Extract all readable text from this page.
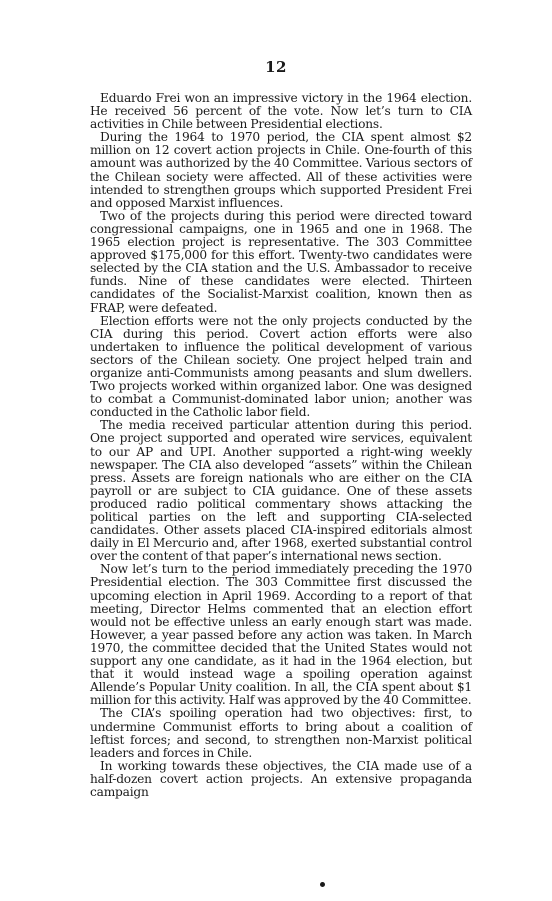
12

Eduardo Frei won an impressive victory in the 1964 election. He received 56 percent of the vote. Now let’s turn to CIA activities in Chile between Presidential elections.

During the 1964 to 1970 period, the CIA spent almost $2 million on 12 covert action projects in Chile. One-fourth of this amount was authorized by the 40 Committee. Various sectors of the Chilean society were affected. All of these activities were intended to strengthen groups which supported President Frei and opposed Marxist influences.

Two of the projects during this period were directed toward congressional campaigns, one in 1965 and one in 1968. The 1965 election project is representative. The 303 Committee approved $175,000 for this effort. Twenty-two candidates were selected by the CIA station and the U.S. Ambassador to receive funds. Nine of these candidates were elected. Thirteen candidates of the Socialist-Marxist coalition, known then as FRAP, were defeated.

Election efforts were not the only projects conducted by the CIA during this period. Covert action efforts were also undertaken to influence the political development of various sectors of the Chilean society. One project helped train and organize anti-Communists among peasants and slum dwellers. Two projects worked within organized labor. One was designed to combat a Communist-dominated labor union; another was conducted in the Catholic labor field.

The media received particular attention during this period. One project supported and operated wire services, equivalent to our AP and UPI. Another supported a right-wing weekly newspaper. The CIA also developed “assets” within the Chilean press. Assets are foreign nationals who are either on the CIA payroll or are subject to CIA guidance. One of these assets produced radio political commentary shows attacking the political parties on the left and supporting CIA-selected candidates. Other assets placed CIA-inspired editorials almost daily in El Mercurio and, after 1968, exerted substantial control over the content of that paper’s international news section.

Now let’s turn to the period immediately preceding the 1970 Presidential election. The 303 Committee first discussed the upcoming election in April 1969. According to a report of that meeting, Director Helms commented that an election effort would not be effective unless an early enough start was made. However, a year passed before any action was taken. In March 1970, the committee decided that the United States would not support any one candidate, as it had in the 1964 election, but that it would instead wage a spoiling operation against Allende’s Popular Unity coalition. In all, the CIA spent about $1 million for this activity. Half was approved by the 40 Committee.

The CIA’s spoiling operation had two objectives: first, to undermine Communist efforts to bring about a coalition of leftist forces; and second, to strengthen non-Marxist political leaders and forces in Chile.

In working towards these objectives, the CIA made use of a half-dozen covert action projects. An extensive propaganda campaign
